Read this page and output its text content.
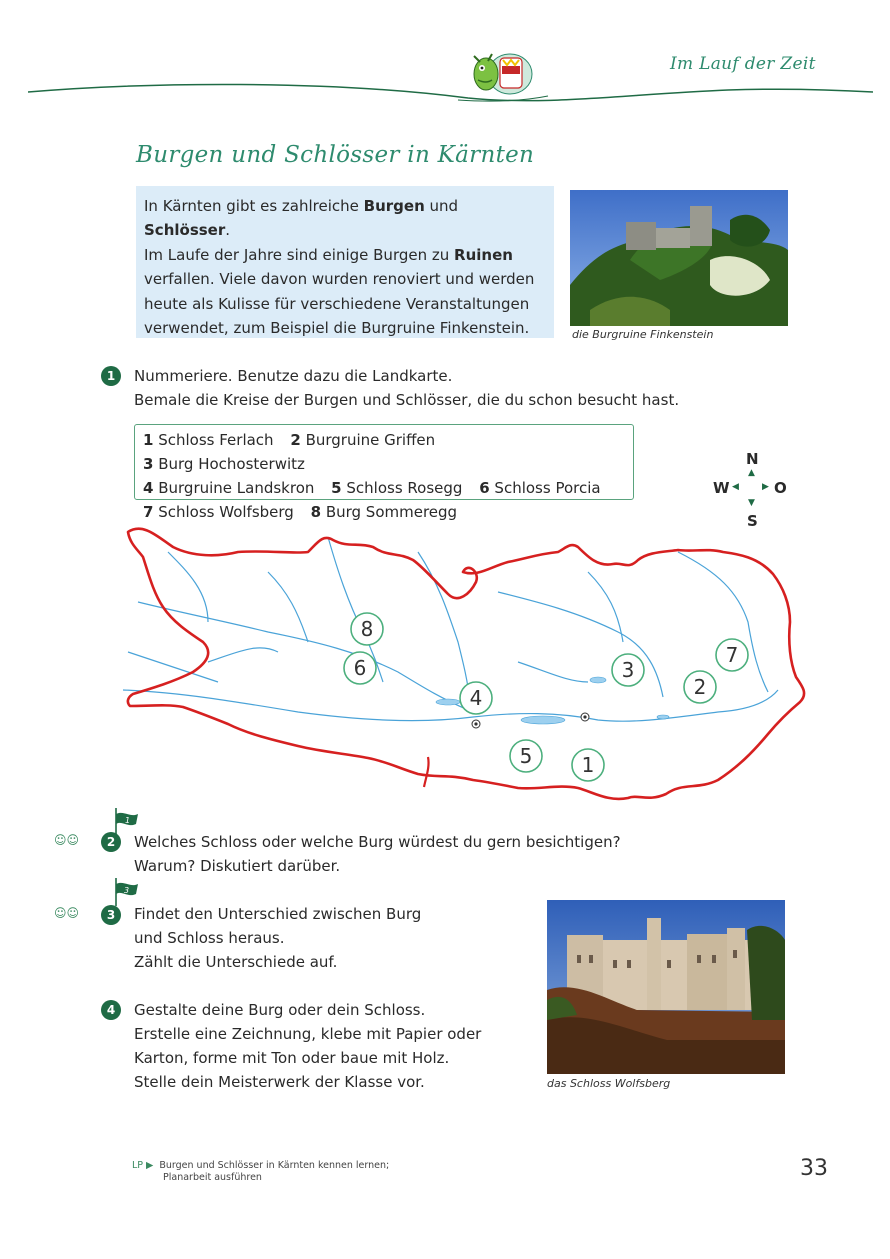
Im Lauf der Zeit
Burgen und Schlösser in Kärnten
In Kärnten gibt es zahlreiche Burgen und Schlösser.
Im Laufe der Jahre sind einige Burgen zu Ruinen
verfallen. Viele davon wurden renoviert und werden
heute als Kulisse für verschiedene Veranstaltungen
verwendet, zum Beispiel die Burgruine Finkenstein.	die Burgruine Finkenstein
1	Nummeriere. Benutze dazu die Landkarte.
Bemale die Kreise der Burgen und Schlösser, die du schon besucht hast.
1 Schloss Ferlach 2 Burgruine Griffen 3 Burg Hochosterwitz
4 Burgruine Landskron 5 Schloss Rosegg 6 Schloss Porcia
7 Schloss Wolfsberg 8 Burg Sommeregg
N
▲
W ◀	▶ O
▼
S
8
6
4
3
7
2
5 1
1
☺☺	2	Welches Schloss oder welche Burg würdest du gern besichtigen?
Warum? Diskutiert darüber.
3
☺☺	3	Findet den Unterschied zwischen Burg
und Schloss heraus.
Zählt die Unterschiede auf.
das Schloss Wolfsberg
4	Gestalte deine Burg oder dein Schloss.
Erstelle eine Zeichnung, klebe mit Papier oder
Karton, forme mit Ton oder baue mit Holz.
Stelle dein Meisterwerk der Klasse vor.
LP ▶ Burgen und Schlösser in Kärnten kennen lernen;
Planarbeit ausführen	33
